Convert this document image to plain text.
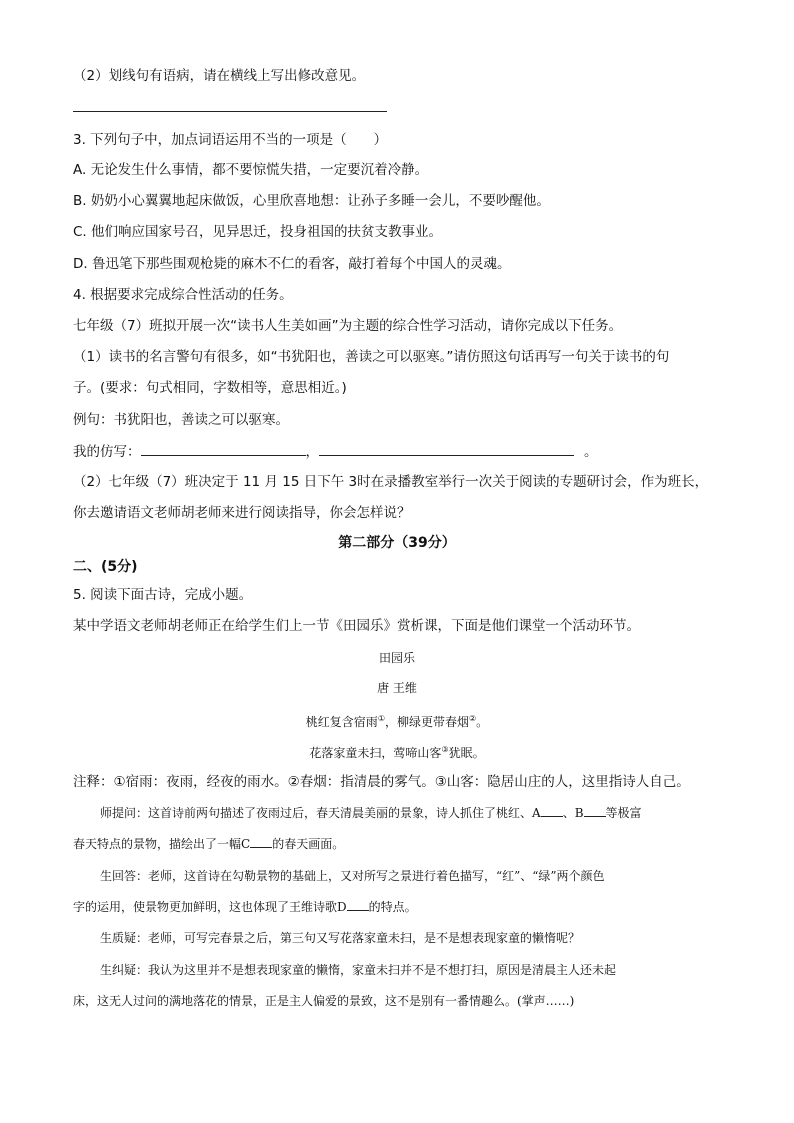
（2）划线句有语病，请在横线上写出修改意见。
3. 下列句子中，加点词语运用不当的一项是（　　）
A. 无论发生什么事情，都不要惊慌失措，一定要沉着冷静。
B. 奶奶小心翼翼地起床做饭，心里欣喜地想：让孙子多睡一会儿，不要吵醒他。
C. 他们响应国家号召，见异思迁，投身祖国的扶贫支教事业。
D. 鲁迅笔下那些围观枪毙的麻木不仁的看客，敲打着每个中国人的灵魂。
4. 根据要求完成综合性活动的任务。
七年级（7）班拟开展一次“读书人生美如画”为主题的综合性学习活动，请你完成以下任务。
（1）读书的名言警句有很多，如“书犹阳也，善读之可以驱寒。”请仿照这句话再写一句关于读书的句
子。(要求：句式相同，字数相等，意思相近。)
例句：书犹阳也，善读之可以驱寒。
我的仿写：	，	。
（2）七年级（7）班决定于 11 月 15 日下午 3时在录播教室举行一次关于阅读的专题研讨会，作为班长，
你去邀请语文老师胡老师来进行阅读指导，你会怎样说？
第二部分（39分）
二、(5分)
5. 阅读下面古诗，完成小题。
某中学语文老师胡老师正在给学生们上一节《田园乐》赏析课，下面是他们课堂一个活动环节。
田园乐
唐 王维
桃红复含宿雨①，柳绿更带春烟②。
花落家童未扫，莺啼山客③犹眠。
注释：①宿雨：夜雨，经夜的雨水。②春烟：指清晨的雾气。③山客：隐居山庄的人，这里指诗人自己。
师提问：这首诗前两句描述了夜雨过后，春天清晨美丽的景象，诗人抓住了桃红、A 、B 等极富
春天特点的景物，描绘出了一幅C 的春天画面。
生回答：老师，这首诗在勾勒景物的基础上，又对所写之景进行着色描写，“红”、“绿”两个颜色
字的运用，使景物更加鲜明，这也体现了王维诗歌D 的特点。
生质疑：老师，可写完春景之后，第三句又写花落家童未扫，是不是想表现家童的懒惰呢？
生纠疑：我认为这里并不是想表现家童的懒惰，家童未扫并不是不想打扫，原因是清晨主人还未起
床，这无人过问的满地落花的情景，正是主人偏爱的景致，这不是别有一番情趣么。(掌声……)
